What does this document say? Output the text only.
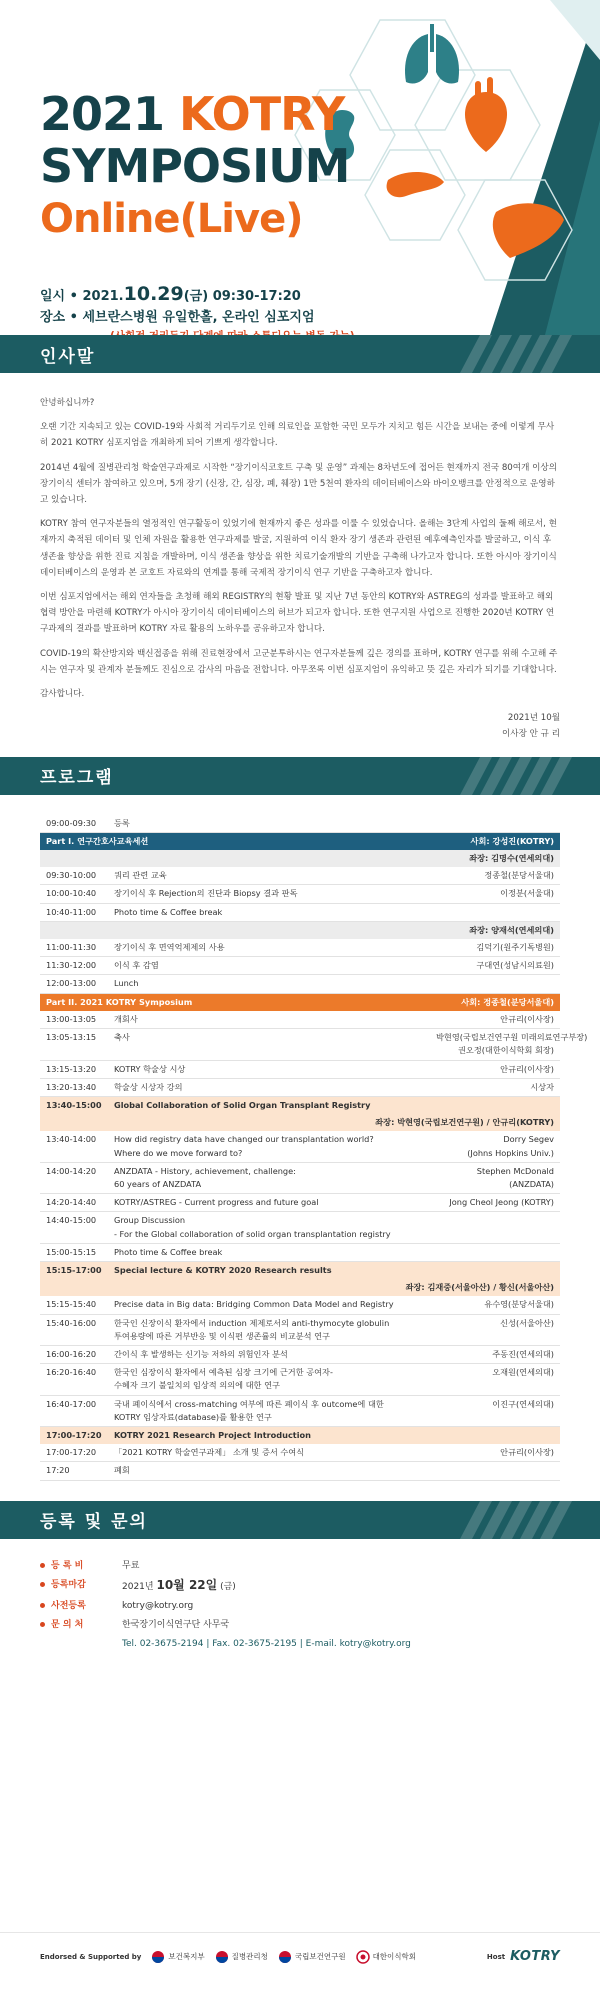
2021 KOTRY
SYMPOSIUM
Online(Live)
일시 • 2021.10.29(금) 09:30-17:20
장소 • 세브란스병원 유일한홀, 온라인 심포지엄
인사말

안녕하십니까?

오랜 기간 지속되고 있는 COVID-19와 사회적 거리두기로 인해 의료인을 포함한 국민 모두가 지치고 힘든 시간을 보내는 중에 이렇게 무사히 2021 KOTRY 심포지엄을 개최하게 되어 기쁘게 생각합니다.

2014년 4월에 질병관리청 학술연구과제로 시작한 “장기이식코호트 구축 및 운영” 과제는 8차년도에 접어든 현재까지 전국 80여개 이상의 장기이식 센터가 참여하고 있으며, 5개 장기 (신장, 간, 심장, 폐, 췌장) 1만 5천여 환자의 데이터베이스와 바이오뱅크를 안정적으로 운영하고 있습니다.

KOTRY 참여 연구자분들의 열정적인 연구활동이 있었기에 현재까지 좋은 성과를 이룰 수 있었습니다. 올해는 3단계 사업의 둘째 해로서, 현재까지 축적된 데이터 및 인체 자원을 활용한 연구과제를 발굴, 지원하여 이식 환자 장기 생존과 관련된 예후예측인자를 발굴하고, 이식 후 생존율 향상을 위한 진료 지침을 개발하며, 이식 생존율 향상을 위한 치료기술개발의 기반을 구축해 나가고자 합니다. 또한 아시아 장기이식 데이터베이스의 운영과 본 코호트 자료와의 연계를 통해 국제적 장기이식 연구 기반을 구축하고자 합니다.

이번 심포지엄에서는 해외 연자들을 초청해 해외 REGISTRY의 현황 발표 및 지난 7년 동안의 KOTRY와 ASTREG의 성과를 발표하고 해외 협력 방안을 마련해 KOTRY가 아시아 장기이식 데이터베이스의 허브가 되고자 합니다. 또한 연구지원 사업으로 진행한 2020년 KOTRY 연구과제의 결과를 발표하며 KOTRY 자료 활용의 노하우를 공유하고자 합니다.

COVID-19의 확산방지와 백신접종을 위해 진료현장에서 고군분투하시는 연구자분들께 깊은 경의를 표하며, KOTRY 연구를 위해 수고해 주시는 연구자 및 관계자 분들께도 진심으로 감사의 마음을 전합니다. 아무쪼록 이번 심포지엄이 유익하고 뜻 깊은 자리가 되기를 기대합니다.

감사합니다.

2021년 10월

이사장 안 규 리

프로그램
09:00-09:30	등록	
Part I. 연구간호사교육세션		사회: 강성진(KOTRY)
좌장: 김명수(연세의대)		
09:30-10:00	쿼리 관련 교육	정종철(분당서울대)
10:00-10:40	장기이식 후 Rejection의 진단과 Biopsy 결과 판독	이정분(서울대)
10:40-11:00	Photo time & Coffee break	
좌장: 양재석(연세의대)		
11:00-11:30	장기이식 후 면역억제제의 사용	김덕기(원주기독병원)
11:30-12:00	이식 후 감염	구대연(성남시의료원)
12:00-13:00	Lunch	
Part II. 2021 KOTRY Symposium		사회: 정종철(분당서울대)
13:00-13:05	개회사	안규리(이사장)
13:05-13:15	축사	박현영(국립보건연구원 미래의료연구부장)
권오정(대한이식학회 회장)
13:15-13:20	KOTRY 학술상 시상	안규리(이사장)
13:20-13:40	학술상 시상자 강의	시상자
13:40-15:00	Global Collaboration of Solid Organ Transplant Registry	
좌장: 박현영(국립보건연구원) / 안규리(KOTRY)		
13:40-14:00	How did registry data have changed our transplantation world?
Where do we move forward to?	Dorry Segev
(Johns Hopkins Univ.)
14:00-14:20	ANZDATA - History, achievement, challenge:
60 years of ANZDATA	Stephen McDonald
(ANZDATA)
14:20-14:40	KOTRY/ASTREG - Current progress and future goal	Jong Cheol Jeong (KOTRY)
14:40-15:00	Group Discussion
- For the Global collaboration of solid organ transplantation registry	
15:00-15:15	Photo time & Coffee break	
15:15-17:00	Special lecture & KOTRY 2020 Research results	
좌장: 김재중(서울아산) / 황신(서울아산)		
15:15-15:40	Precise data in Big data: Bridging Common Data Model and Registry	유수영(분당서울대)
15:40-16:00	한국인 신장이식 환자에서 induction 제제로서의 anti-thymocyte globulin
투여용량에 따른 거부반응 및 이식편 생존률의 비교분석 연구	신성(서울아산)
16:00-16:20	간이식 후 발생하는 신기능 저하의 위험인자 분석	주동진(연세의대)
16:20-16:40	한국인 심장이식 환자에서 예측된 심장 크기에 근거한 공여자-
수혜자 크기 불일치의 임상적 의의에 대한 연구	오재원(연세의대)
16:40-17:00	국내 폐이식에서 cross-matching 여부에 따른 폐이식 후 outcome에 대한
KOTRY 임상자료(database)를 활용한 연구	이진구(연세의대)
17:00-17:20	KOTRY 2021 Research Project Introduction	
17:00-17:20	「2021 KOTRY 학술연구과제」 소개 및 증서 수여식	안규리(이사장)
17:20	폐회	
등록 및 문의
등 록 비	무료
등록마감	2021년 10월 22일 (금)
사전등록	kotry@kotry.org
문 의 처	한국장기이식연구단 사무국
Tel. 02-3675-2194 | Fax. 02-3675-2195 | E-mail. kotry@kotry.org
Endorsed & Supported by	보건복지부	질병관리청	국립보건연구원	대한이식학회	Host KOTRY
